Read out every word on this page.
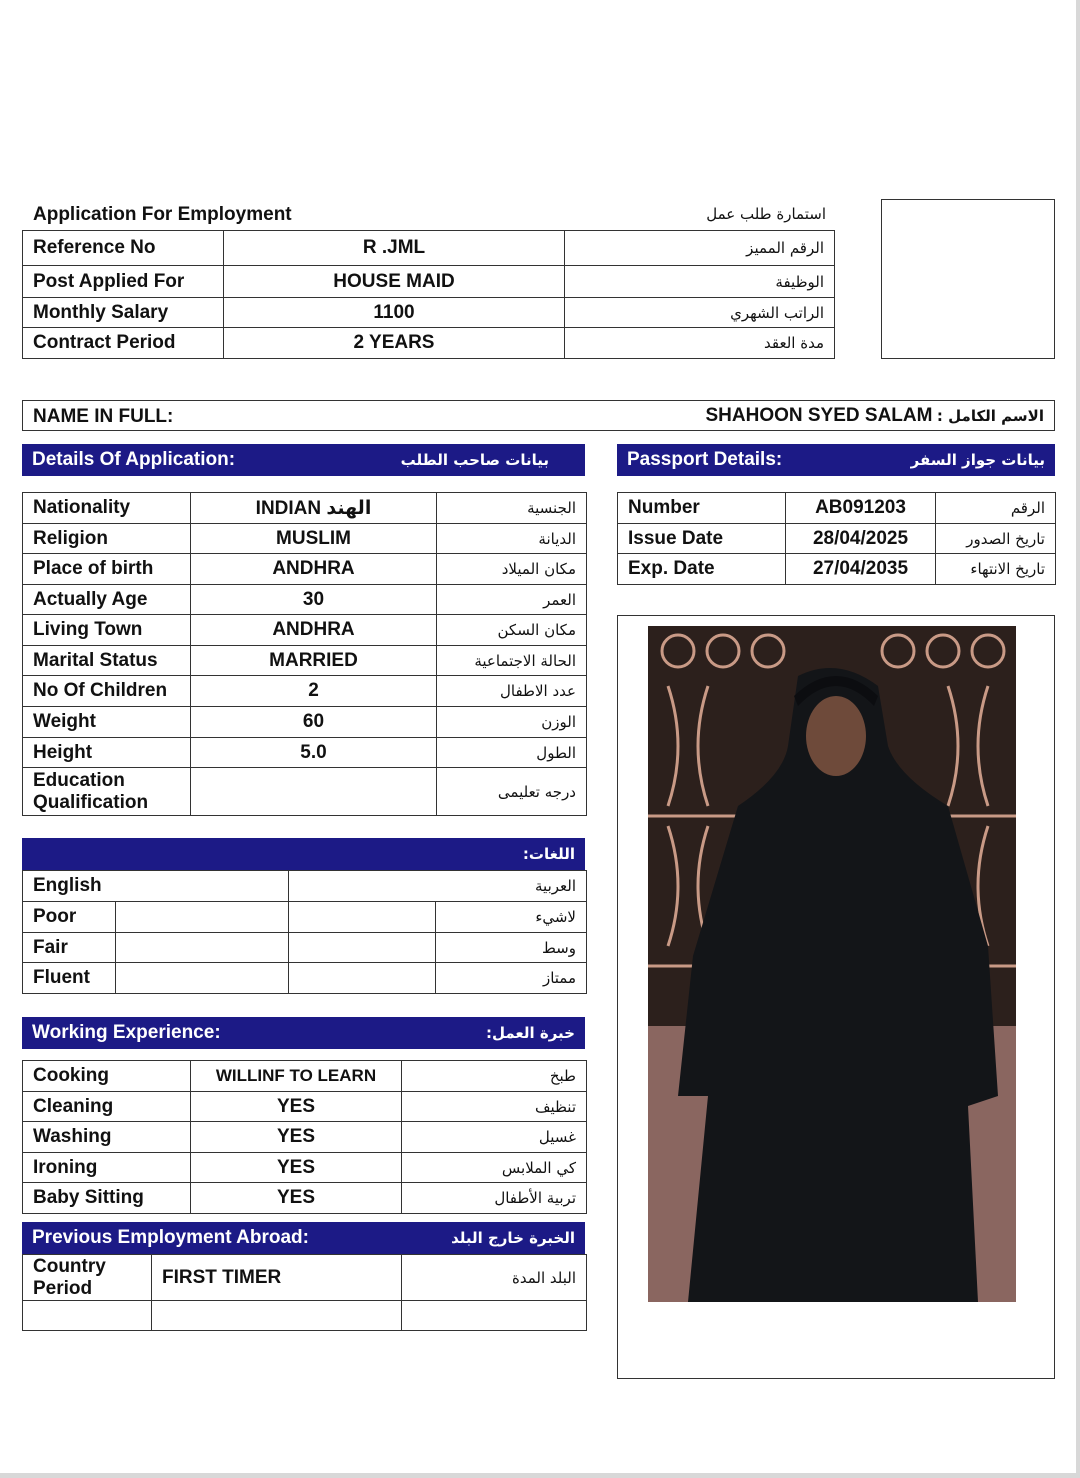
Application For Employment	استمارة طلب عمل
Reference No	R .JML	الرقم المميز
Post Applied For	HOUSE MAID	الوظيفة
Monthly Salary	1100	الراتب الشهري
Contract Period	2 YEARS	مدة العقد
NAME IN FULL:	SHAHOON SYED SALAM : الاسم الكامل
Details Of Application:	بيانات صاحب الطلب
Nationality	INDIAN الهند	الجنسية
Religion	MUSLIM	الديانة
Place of birth	ANDHRA	مكان الميلاد
Actually Age	30	العمر
Living Town	ANDHRA	مكان السكن
Marital Status	MARRIED	الحالة الاجتماعية
No Of Children	2	عدد الاطفال
Weight	60	الوزن
Height	5.0	الطول

Education
Qualification		درجه تعليمى
Passport Details:	بيانات جواز السفر
Number	AB091203	الرقم
Issue Date	28/04/2025	تاريخ الصدور
Exp. Date	27/04/2035	تاريخ الانتهاء
اللغات:
English	العربية
Poor			لاشيء
Fair			وسط
Fluent			ممتاز
Working Experience:	خبرة العمل:
Cooking	WILLINF TO LEARN	طبخ
Cleaning	YES	تنظيف
Washing	YES	غسيل
Ironing	YES	كي الملابس
Baby Sitting	YES	تربية الأطفال
Previous Employment Abroad:	الخبرة خارج البلد
Country
Period	FIRST TIMER	البلد المدة
